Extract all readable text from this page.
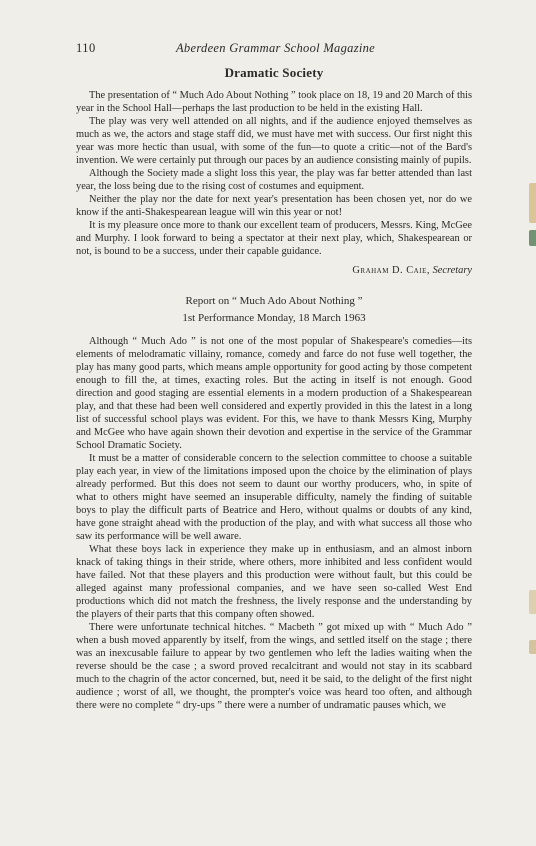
110	Aberdeen Grammar School Magazine
Dramatic Society

The presentation of “ Much Ado About Nothing ” took place on 18, 19 and 20 March of this year in the School Hall—perhaps the last production to be held in the existing Hall.

The play was very well attended on all nights, and if the audience enjoyed themselves as much as we, the actors and stage staff did, we must have met with success. Our first night this year was more hectic than usual, with some of the fun—to quote a critic—not of the Bard's invention. We were certainly put through our paces by an audience consisting mainly of pupils.

Although the Society made a slight loss this year, the play was far better attended than last year, the loss being due to the rising cost of costumes and equipment.

Neither the play nor the date for next year's presentation has been chosen yet, nor do we know if the anti-Shakespearean league will win this year or not!

It is my pleasure once more to thank our excellent team of producers, Messrs. King, McGee and Murphy. I look forward to being a spectator at their next play, which, Shakespearean or not, is bound to be a success, under their capable guidance.

Graham D. Caie, Secretary
Report on “ Much Ado About Nothing ”
1st Performance Monday, 18 March 1963

Although “ Much Ado ” is not one of the most popular of Shakespeare's comedies—its elements of melodramatic villainy, romance, comedy and farce do not fuse well together, the play has many good parts, which means ample opportunity for good acting by those competent enough to fill the, at times, exacting roles. But the acting in itself is not enough. Good direction and good staging are essential elements in a modern production of a Shakespearean play, and that these had been well considered and expertly provided in this the latest in a long list of successful school plays was evident. For this, we have to thank Messrs King, Murphy and McGee who have again shown their devotion and expertise in the service of the Grammar School Dramatic Society.

It must be a matter of considerable concern to the selection committee to choose a suitable play each year, in view of the limitations imposed upon the choice by the elimination of plays already performed. But this does not seem to daunt our worthy producers, who, in spite of what to others might have seemed an insuperable difficulty, namely the finding of suitable boys to play the difficult parts of Beatrice and Hero, without qualms or doubts of any kind, have gone straight ahead with the production of the play, and with what success all those who saw its performance will be well aware.

What these boys lack in experience they make up in enthusiasm, and an almost inborn knack of taking things in their stride, where others, more inhibited and less confident would have failed. Not that these players and this production were without fault, but this could be alleged against many professional companies, and we have seen so-called West End productions which did not match the freshness, the lively response and the understanding by the players of their parts that this company often showed.

There were unfortunate technical hitches. “ Macbeth ” got mixed up with “ Much Ado ” when a bush moved apparently by itself, from the wings, and settled itself on the stage ; there was an inexcusable failure to appear by two gentlemen who left the ladies waiting when the reverse should be the case ; a sword proved recalcitrant and would not stay in its scabbard much to the chagrin of the actor concerned, but, need it be said, to the delight of the first night audience ; worst of all, we thought, the prompter's voice was heard too often, and although there were no complete “ dry-ups ” there were a number of undramatic pauses which, we
